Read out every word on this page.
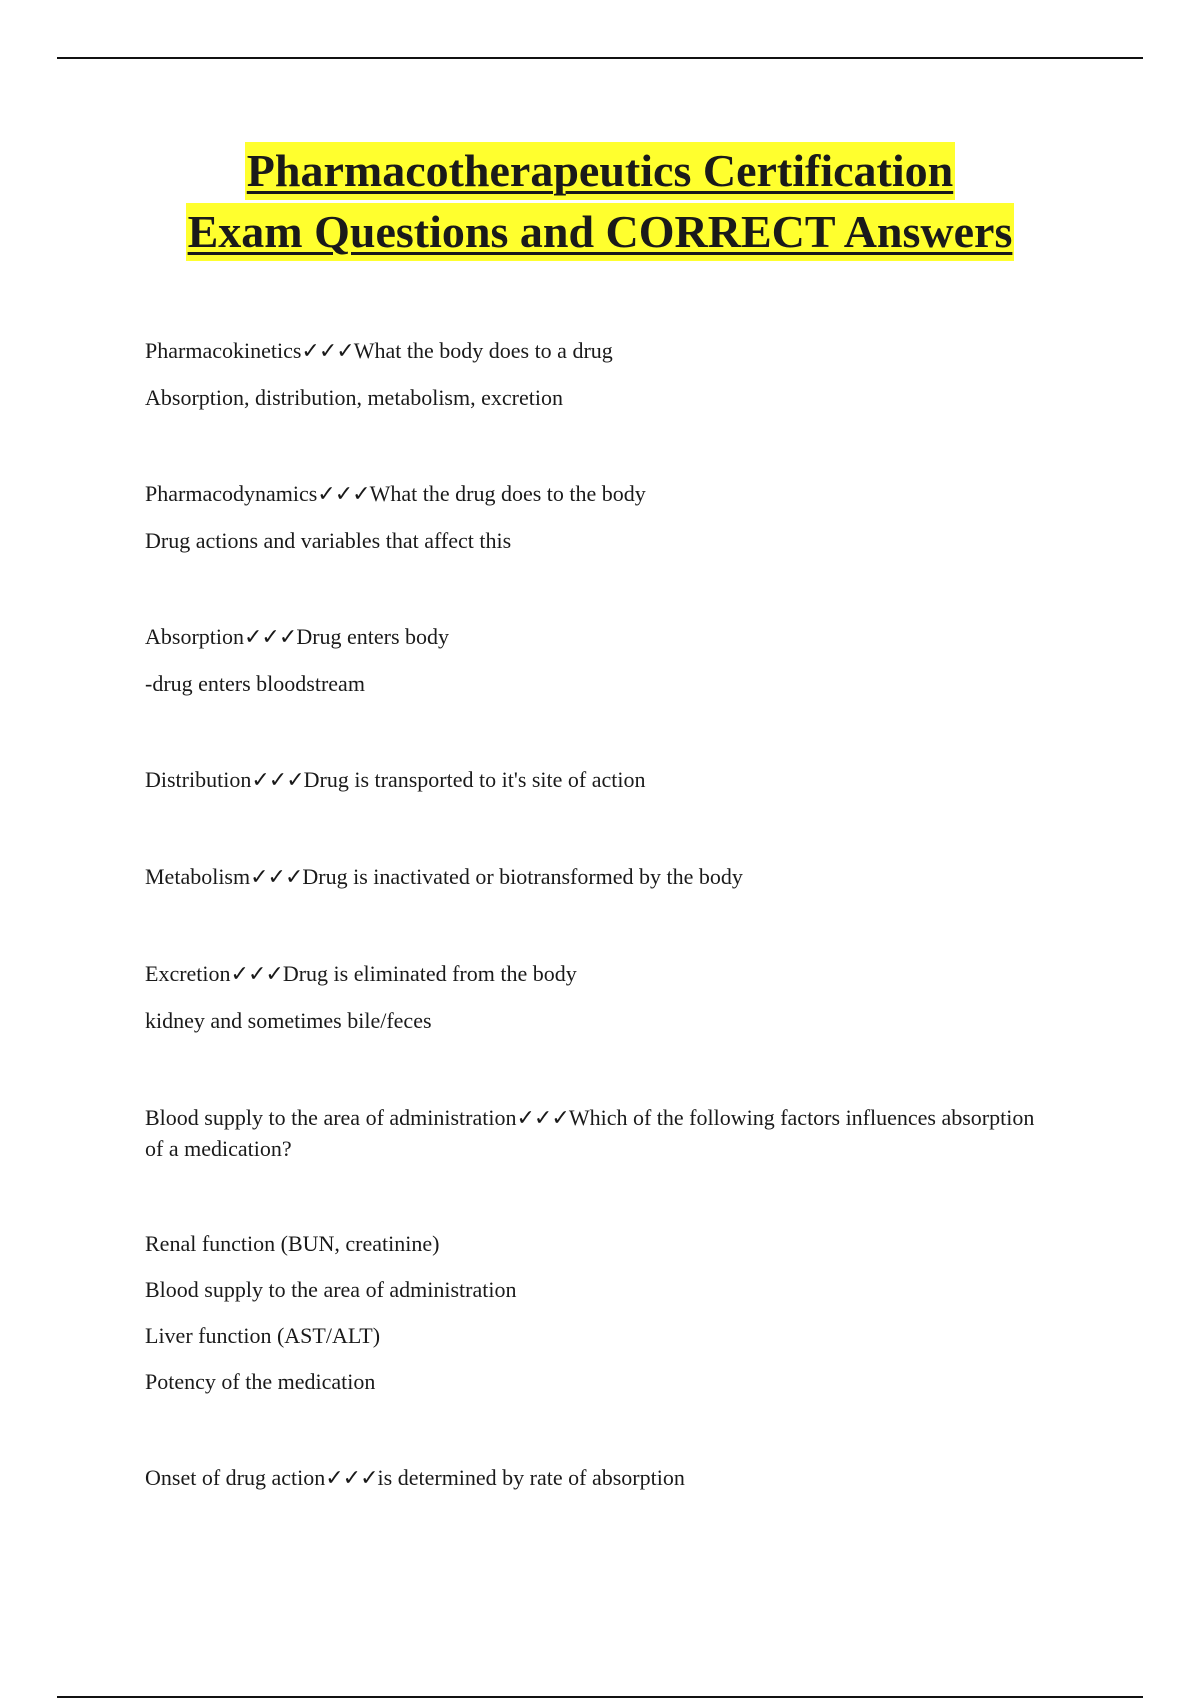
Pharmacotherapeutics Certification
Exam Questions and CORRECT Answers
Pharmacokinetics✓✓✓What the body does to a drug
Absorption, distribution, metabolism, excretion
Pharmacodynamics✓✓✓What the drug does to the body
Drug actions and variables that affect this
Absorption✓✓✓Drug enters body
-drug enters bloodstream
Distribution✓✓✓Drug is transported to it's site of action
Metabolism✓✓✓Drug is inactivated or biotransformed by the body
Excretion✓✓✓Drug is eliminated from the body
kidney and sometimes bile/feces
Blood supply to the area of administration✓✓✓Which of the following factors influences absorption of a medication?
Renal function (BUN, creatinine)
Blood supply to the area of administration
Liver function (AST/ALT)
Potency of the medication
Onset of drug action✓✓✓is determined by rate of absorption
